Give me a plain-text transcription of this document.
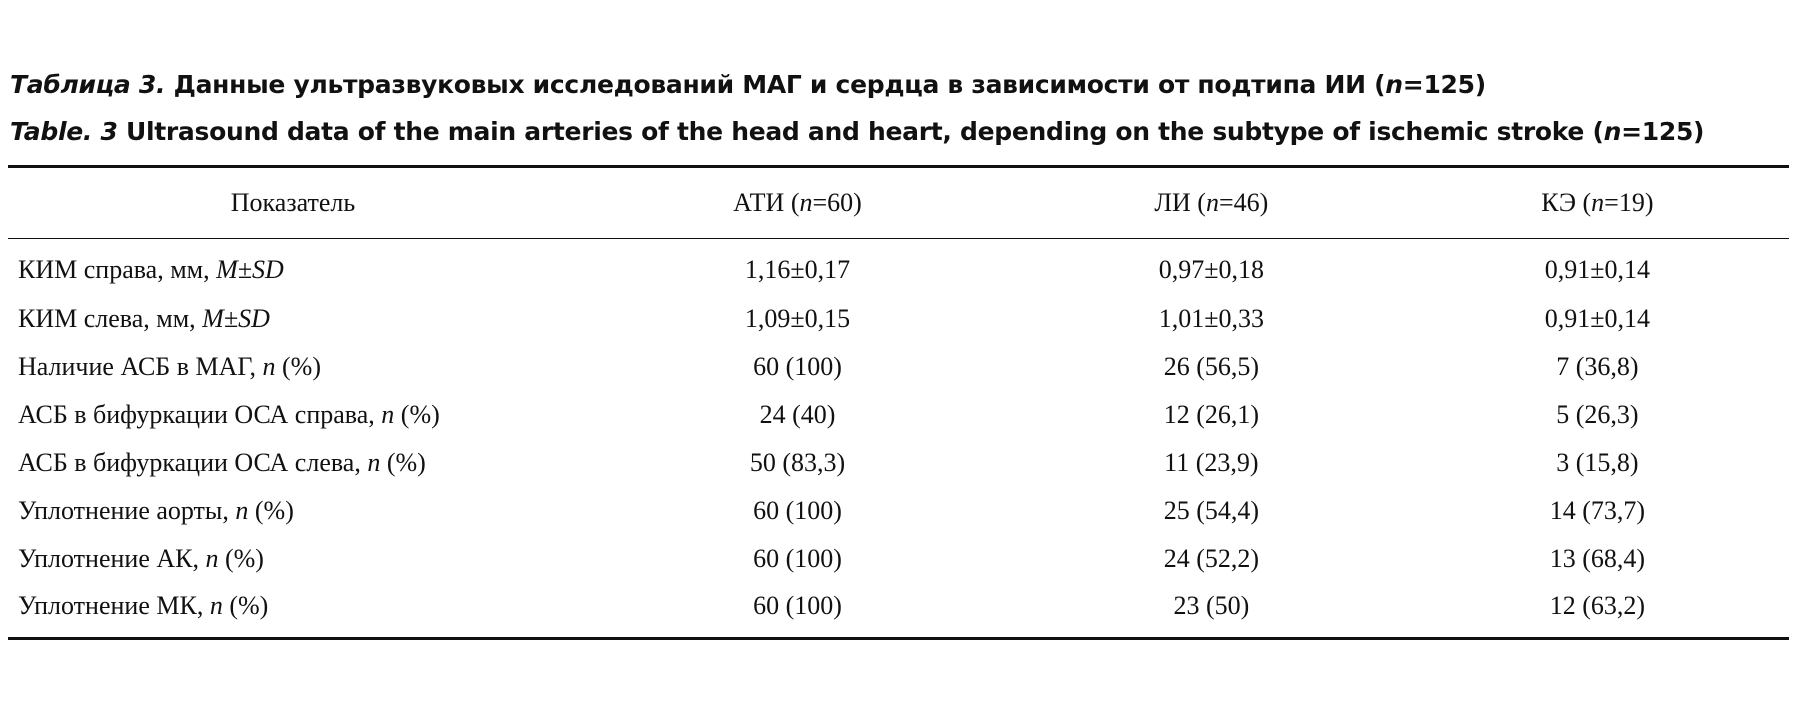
Таблица 3. Данные ультразвуковых исследований МАГ и сердца в зависимости от подтипа ИИ (n=125)
Table. 3 Ultrasound data of the main arteries of the head and heart, depending on the subtype of ischemic stroke (n=125)
Показатель	АТИ (n=60)	ЛИ (n=46)	КЭ (n=19)
КИМ справа, мм, M±SD	1,16±0,17	0,97±0,18	0,91±0,14
КИМ слева, мм, M±SD	1,09±0,15	1,01±0,33	0,91±0,14
Наличие АСБ в МАГ, n (%)	60 (100)	26 (56,5)	7 (36,8)
АСБ в бифуркации ОСА справа, n (%)	24 (40)	12 (26,1)	5 (26,3)
АСБ в бифуркации ОСА слева, n (%)	50 (83,3)	11 (23,9)	3 (15,8)
Уплотнение аорты, n (%)	60 (100)	25 (54,4)	14 (73,7)
Уплотнение АК, n (%)	60 (100)	24 (52,2)	13 (68,4)
Уплотнение МК, n (%)	60 (100)	23 (50)	12 (63,2)
